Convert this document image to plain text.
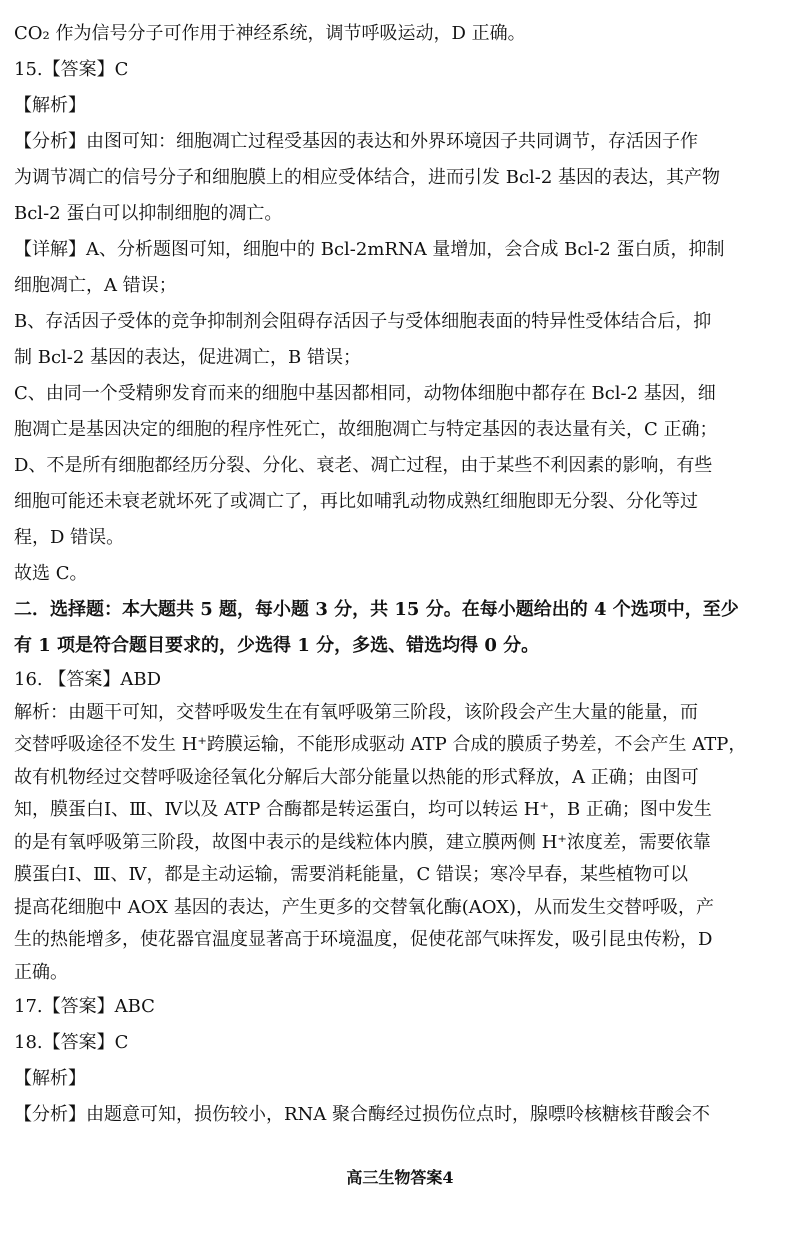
CO₂ 作为信号分子可作用于神经系统，调节呼吸运动，D 正确。
15.【答案】C
【解析】
【分析】由图可知：细胞凋亡过程受基因的表达和外界环境因子共同调节，存活因子作
为调节凋亡的信号分子和细胞膜上的相应受体结合，进而引发 Bcl-2 基因的表达，其产物
Bcl-2 蛋白可以抑制细胞的凋亡。
【详解】A、分析题图可知，细胞中的 Bcl-2mRNA 量增加，会合成 Bcl-2 蛋白质，抑制
细胞凋亡，A 错误；
B、存活因子受体的竞争抑制剂会阻碍存活因子与受体细胞表面的特异性受体结合后，抑
制 Bcl-2 基因的表达，促进凋亡，B 错误；
C、由同一个受精卵发育而来的细胞中基因都相同，动物体细胞中都存在 Bcl-2 基因，细
胞凋亡是基因决定的细胞的程序性死亡，故细胞凋亡与特定基因的表达量有关，C 正确；
D、不是所有细胞都经历分裂、分化、衰老、凋亡过程，由于某些不利因素的影响，有些
细胞可能还未衰老就坏死了或凋亡了，再比如哺乳动物成熟红细胞即无分裂、分化等过
程，D 错误。
故选 C。
二．选择题：本大题共 5 题，每小题 3 分，共 15 分。在每小题给出的 4 个选项中，至少
有 1 项是符合题目要求的，少选得 1 分，多选、错选均得 0 分。
16. 【答案】ABD
解析：由题干可知，交替呼吸发生在有氧呼吸第三阶段，该阶段会产生大量的能量，而
交替呼吸途径不发生 H⁺跨膜运输，不能形成驱动 ATP 合成的膜质子势差，不会产生 ATP，
故有机物经过交替呼吸途径氧化分解后大部分能量以热能的形式释放，A 正确；由图可
知，膜蛋白Ⅰ、Ⅲ、Ⅳ以及 ATP 合酶都是转运蛋白，均可以转运 H⁺，B 正确；图中发生
的是有氧呼吸第三阶段，故图中表示的是线粒体内膜，建立膜两侧 H⁺浓度差，需要依靠
膜蛋白Ⅰ、Ⅲ、Ⅳ，都是主动运输，需要消耗能量，C 错误；寒冷早春，某些植物可以
提高花细胞中 AOX 基因的表达，产生更多的交替氧化酶(AOX)，从而发生交替呼吸，产
生的热能增多，使花器官温度显著高于环境温度，促使花部气味挥发，吸引昆虫传粉，D
正确。
17.【答案】ABC
18.【答案】C
【解析】
【分析】由题意可知，损伤较小，RNA 聚合酶经过损伤位点时，腺嘌呤核糖核苷酸会不
高三生物答案4
